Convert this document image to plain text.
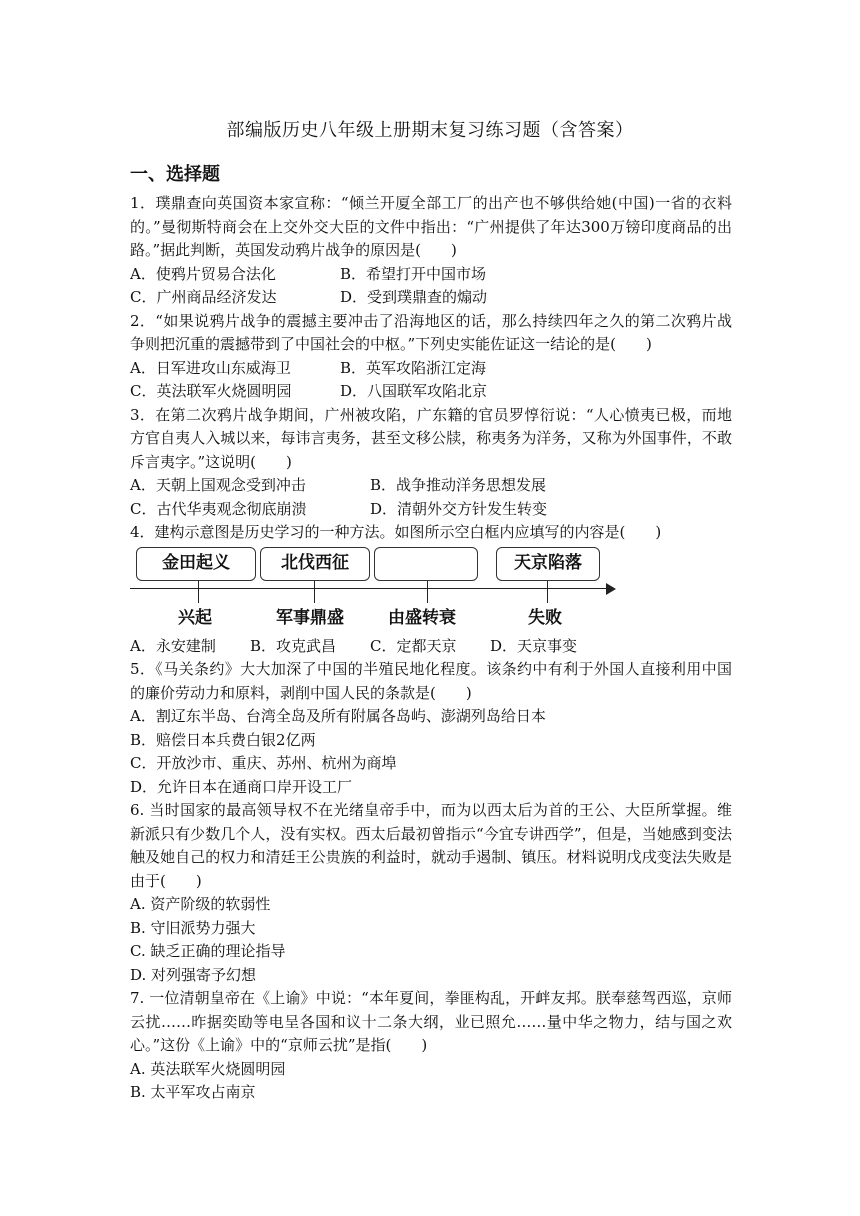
部编版历史八年级上册期末复习练习题（含答案）
一、选择题

1．璞鼎查向英国资本家宣称：“倾兰开厦全部工厂的出产也不够供给她(中国)一省的衣料的。”曼彻斯特商会在上交外交大臣的文件中指出：“广州提供了年达300万镑印度商品的出路。”据此判断，英国发动鸦片战争的原因是(　　)

A．使鸦片贸易合法化	B．希望打开中国市场
C．广州商品经济发达	D．受到璞鼎查的煽动

2．“如果说鸦片战争的震撼主要冲击了沿海地区的话，那么持续四年之久的第二次鸦片战争则把沉重的震撼带到了中国社会的中枢。”下列史实能佐证这一结论的是(　　)

A．日军进攻山东威海卫	B．英军攻陷浙江定海
C．英法联军火烧圆明园	D．八国联军攻陷北京

3．在第二次鸦片战争期间，广州被攻陷，广东籍的官员罗惇衍说：“人心愤夷已极，而地方官自夷人入城以来，每讳言夷务，甚至文移公牍，称夷务为洋务，又称为外国事件，不敢斥言夷字。”这说明(　　)

A．天朝上国观念受到冲击	B．战争推动洋务思想发展
C．古代华夷观念彻底崩溃	D．清朝外交方针发生转变

4．建构示意图是历史学习的一种方法。如图所示空白框内应填写的内容是(　　)

金田起义	北伐西征	天京陷落
兴起	军事鼎盛	由盛转衰	失败
A．永安建制	B．攻克武昌	C．定都天京	D．天京事变

5．《马关条约》大大加深了中国的半殖民地化程度。该条约中有利于外国人直接利用中国的廉价劳动力和原料，剥削中国人民的条款是(　　)

A．割辽东半岛、台湾全岛及所有附属各岛屿、澎湖列岛给日本

B．赔偿日本兵费白银2亿两

C．开放沙市、重庆、苏州、杭州为商埠

D．允许日本在通商口岸开设工厂

6. 当时国家的最高领导权不在光绪皇帝手中，而为以西太后为首的王公、大臣所掌握。维新派只有少数几个人，没有实权。西太后最初曾指示“今宜专讲西学”，但是，当她感到变法触及她自己的权力和清廷王公贵族的利益时，就动手遏制、镇压。材料说明戊戌变法失败是由于(　　)

A. 资产阶级的软弱性

B. 守旧派势力强大

C. 缺乏正确的理论指导

D. 对列强寄予幻想

7. 一位清朝皇帝在《上谕》中说：“本年夏间，拳匪构乱，开衅友邦。朕奉慈驾西巡，京师云扰……昨据奕劻等电呈各国和议十二条大纲，业已照允……量中华之物力，结与国之欢心。”这份《上谕》中的“京师云扰”是指(　　)

A. 英法联军火烧圆明园

B. 太平军攻占南京
